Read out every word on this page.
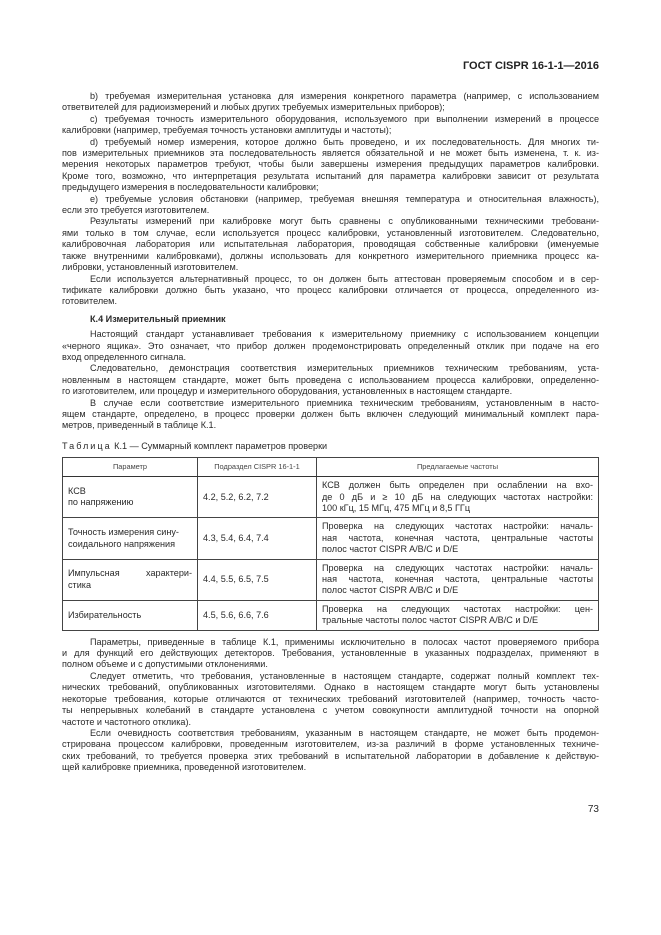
ГОСТ CISPR 16-1-1—2016
b) требуемая измерительная установка для измерения конкретного параметра (например, с использованием
ответвителей для радиоизмерений и любых других требуемых измерительных приборов);
c) требуемая точность измерительного оборудования, используемого при выполнении измерений в процессе
калибровки (например, требуемая точность установки амплитуды и частоты);
d) требуемый номер измерения, которое должно быть проведено, и их последовательность. Для многих ти-
пов измерительных приемников эта последовательность является обязательной и не может быть изменена, т. к. из-
мерения некоторых параметров требуют, чтобы были завершены измерения предыдущих параметров калибровки.
Кроме того, возможно, что интерпретация результата испытаний для параметра калибровки зависит от результата
предыдущего измерения в последовательности калибровки;
e) требуемые условия обстановки (например, требуемая внешняя температура и относительная влажность),
если это требуется изготовителем.
Результаты измерений при калибровке могут быть сравнены с опубликованными техническими требовани-
ями только в том случае, если используется процесс калибровки, установленный изготовителем. Следовательно,
калибровочная лаборатория или испытательная лаборатория, проводящая собственные калибровки (именуемые
также внутренними калибровками), должны использовать для конкретного измерительного приемника процесс ка-
либровки, установленный изготовителем.
Если используется альтернативный процесс, то он должен быть аттестован проверяемым способом и в сер-
тификате калибровки должно быть указано, что процесс калибровки отличается от процесса, определенного из-
готовителем.
К.4 Измерительный приемник
Настоящий стандарт устанавливает требования к измерительному приемнику с использованием концепции
«черного ящика». Это означает, что прибор должен продемонстрировать определенный отклик при подаче на его
вход определенного сигнала.
Следовательно, демонстрация соответствия измерительных приемников техническим требованиям, уста-
новленным в настоящем стандарте, может быть проведена с использованием процесса калибровки, определенно-
го изготовителем, или процедур и измерительного оборудования, установленных в настоящем стандарте.
В случае если соответствие измерительного приемника техническим требованиям, установленным в насто-
ящем стандарте, определено, в процесс проверки должен быть включен следующий минимальный комплект пара-
метров, приведенный в таблице К.1.
Таблица К.1 — Суммарный комплект параметров проверки
Параметр	Подраздел CISPR 16-1-1	Предлагаемые частоты

КСВ
по напряжению	4.2, 5.2, 6.2, 7.2	КСВ должен быть определен при ослаблении на вхо-
де 0 дБ и ≥ 10 дБ на следующих частотах настройки:
100 кГц, 15 МГц, 475 МГц и 8,5 ГГц

Точность измерения сину-
соидального напряжения	4.3, 5.4, 6.4, 7.4	Проверка на следующих частотах настройки: началь-
ная частота, конечная частота, центральные частоты
полос частот CISPR A/B/C и D/E

Импульсная характери-
стика	4.4, 5.5, 6.5, 7.5	Проверка на следующих частотах настройки: началь-
ная частота, конечная частота, центральные частоты
полос частот CISPR A/B/C и D/E

Избирательность	4.5, 5.6, 6.6, 7.6	Проверка на следующих частотах настройки: цен-
тральные частоты полос частот CISPR A/B/C и D/E
Параметры, приведенные в таблице К.1, применимы исключительно в полосах частот проверяемого прибора
и для функций его действующих детекторов. Требования, установленные в указанных подразделах, применяют в
полном объеме и с допустимыми отклонениями.
Следует отметить, что требования, установленные в настоящем стандарте, содержат полный комплект тех-
нических требований, опубликованных изготовителями. Однако в настоящем стандарте могут быть установлены
некоторые требования, которые отличаются от технических требований изготовителей (например, точность часто-
ты непрерывных колебаний в стандарте установлена с учетом совокупности амплитудной точности на опорной
частоте и частотного отклика).
Если очевидность соответствия требованиям, указанным в настоящем стандарте, не может быть продемон-
стрирована процессом калибровки, проведенным изготовителем, из-за различий в форме установленных техниче-
ских требований, то требуется проверка этих требований в испытательной лаборатории в добавление к действую-
щей калибровке приемника, проведенной изготовителем.
73
